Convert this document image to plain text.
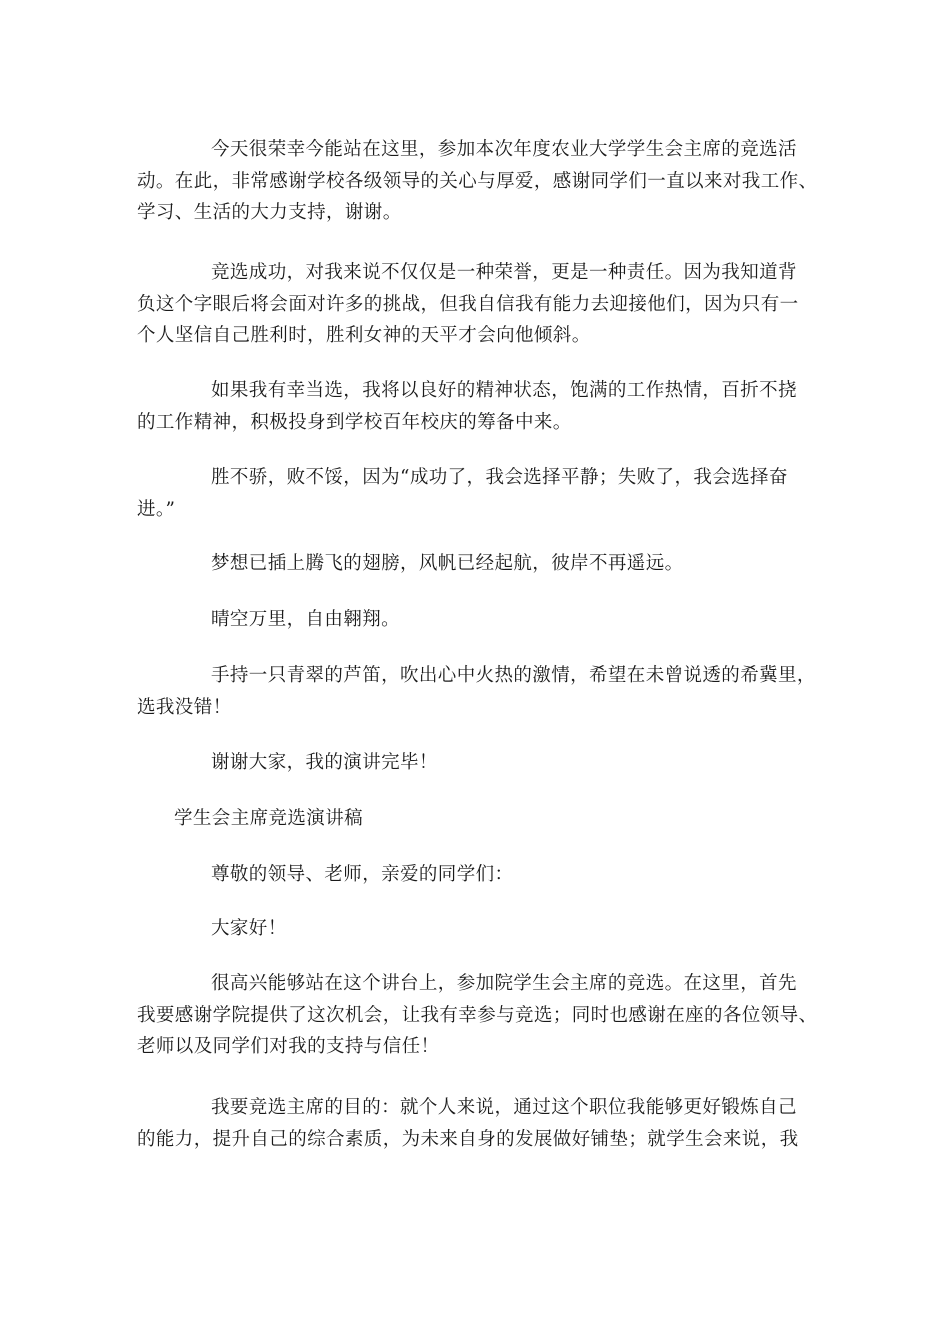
今天很荣幸今能站在这里，参加本次年度农业大学学生会主席的竞选活
动。在此，非常感谢学校各级领导的关心与厚爱，感谢同学们一直以来对我工作、
学习、生活的大力支持，谢谢。
竞选成功，对我来说不仅仅是一种荣誉，更是一种责任。因为我知道背
负这个字眼后将会面对许多的挑战，但我自信我有能力去迎接他们，因为只有一
个人坚信自己胜利时，胜利女神的天平才会向他倾斜。
如果我有幸当选，我将以良好的精神状态，饱满的工作热情，百折不挠
的工作精神，积极投身到学校百年校庆的筹备中来。
胜不骄，败不馁，因为“成功了，我会选择平静；失败了，我会选择奋
进。”
梦想已插上腾飞的翅膀，风帆已经起航，彼岸不再遥远。
晴空万里，自由翱翔。
手持一只青翠的芦笛，吹出心中火热的激情，希望在未曾说透的希冀里，
选我没错！
谢谢大家，我的演讲完毕！
学生会主席竞选演讲稿
尊敬的领导、老师，亲爱的同学们：
大家好！
很高兴能够站在这个讲台上，参加院学生会主席的竞选。在这里，首先
我要感谢学院提供了这次机会，让我有幸参与竞选；同时也感谢在座的各位领导、
老师以及同学们对我的支持与信任！
我要竞选主席的目的：就个人来说，通过这个职位我能够更好锻炼自己
的能力，提升自己的综合素质，为未来自身的发展做好铺垫；就学生会来说，我
